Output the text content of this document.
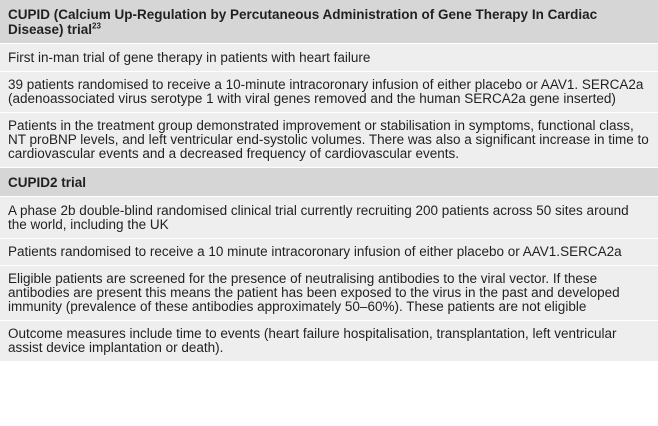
CUPID (Calcium Up-Regulation by Percutaneous Administration of Gene Therapy In Cardiac Disease) trial$^{23}$
First in-man trial of gene therapy in patients with heart failure
39 patients randomised to receive a 10-minute intracoronary infusion of either placebo or AAV1. SERCA2a (adenoassociated virus serotype 1 with viral genes removed and the human SERCA2a gene inserted)
Patients in the treatment group demonstrated improvement or stabilisation in symptoms, functional class, NT proBNP levels, and left ventricular end-systolic volumes. There was also a significant increase in time to cardiovascular events and a decreased frequency of cardiovascular events.
CUPID2 trial
A phase 2b double-blind randomised clinical trial currently recruiting 200 patients across 50 sites around the world, including the UK
Patients randomised to receive a 10 minute intracoronary infusion of either placebo or AAV1.SERCA2a
Eligible patients are screened for the presence of neutralising antibodies to the viral vector. If these antibodies are present this means the patient has been exposed to the virus in the past and developed immunity (prevalence of these antibodies approximately 50–60%). These patients are not eligible
Outcome measures include time to events (heart failure hospitalisation, transplantation, left ventricular assist device implantation or death).
